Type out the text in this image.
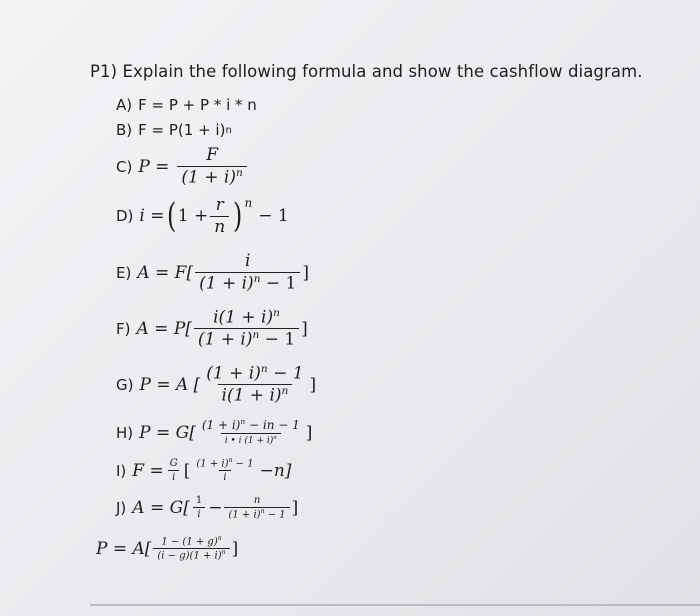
P1) Explain the following formula and show the cashflow diagram.
A) F = P + P * i * n
B) F = P(1 + i) n
C) $P = \frac{F}{(1 + i)^n}$
D) i = ( $1 + \frac{r}{n} )^n$
− 1
E) $A = F[ \frac{i}{(1 + i)^n - 1}$ ]
F) $A = P[ \frac{i(1 + i)^n}{(1 + i)^n - 1}$ ]
G) P = A [ $\frac{(1 + i)^n - 1}{i(1 + i)^n}$ ]
H) $P = G[ \frac{(1 + i)^n - in - 1}{i • i (1 + i)^n}$ ]
I) $F = \frac{G}{i}$ [ $\frac{(1 + i)^n - 1}{i} -n$]
J) $A = G[ \frac{1}{i} - \frac{n}{(1 + i)^n - 1}$ ]
$P = A[ \frac{1 - (1 + g)^n}{(i - g)(1 + i)^n}$ ]
